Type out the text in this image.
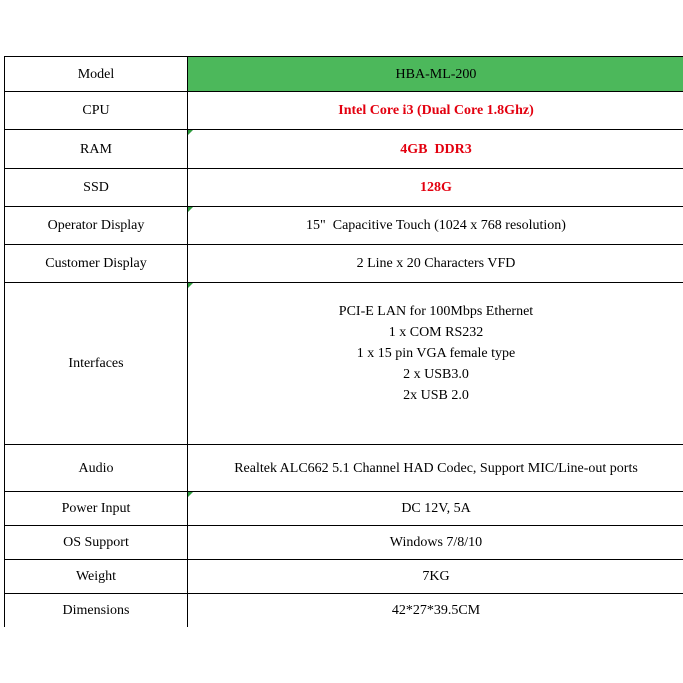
Model	HBA-ML-200
CPU	Intel Core i3 (Dual Core 1.8Ghz)
RAM	4GB  DDR3
SSD	128G
Operator Display	15"  Capacitive Touch (1024 x 768 resolution)
Customer Display	2 Line x 20 Characters VFD
Interfaces	PCI-E LAN for 100Mbps Ethernet
1 x COM RS232
1 x 15 pin VGA female type
2 x USB3.0
2x USB 2.0

Audio	Realtek ALC662 5.1 Channel HAD Codec, Support MIC/Line-out ports
Power Input	DC 12V, 5A
OS Support	Windows 7/8/10
Weight	7KG
Dimensions	42*27*39.5CM
